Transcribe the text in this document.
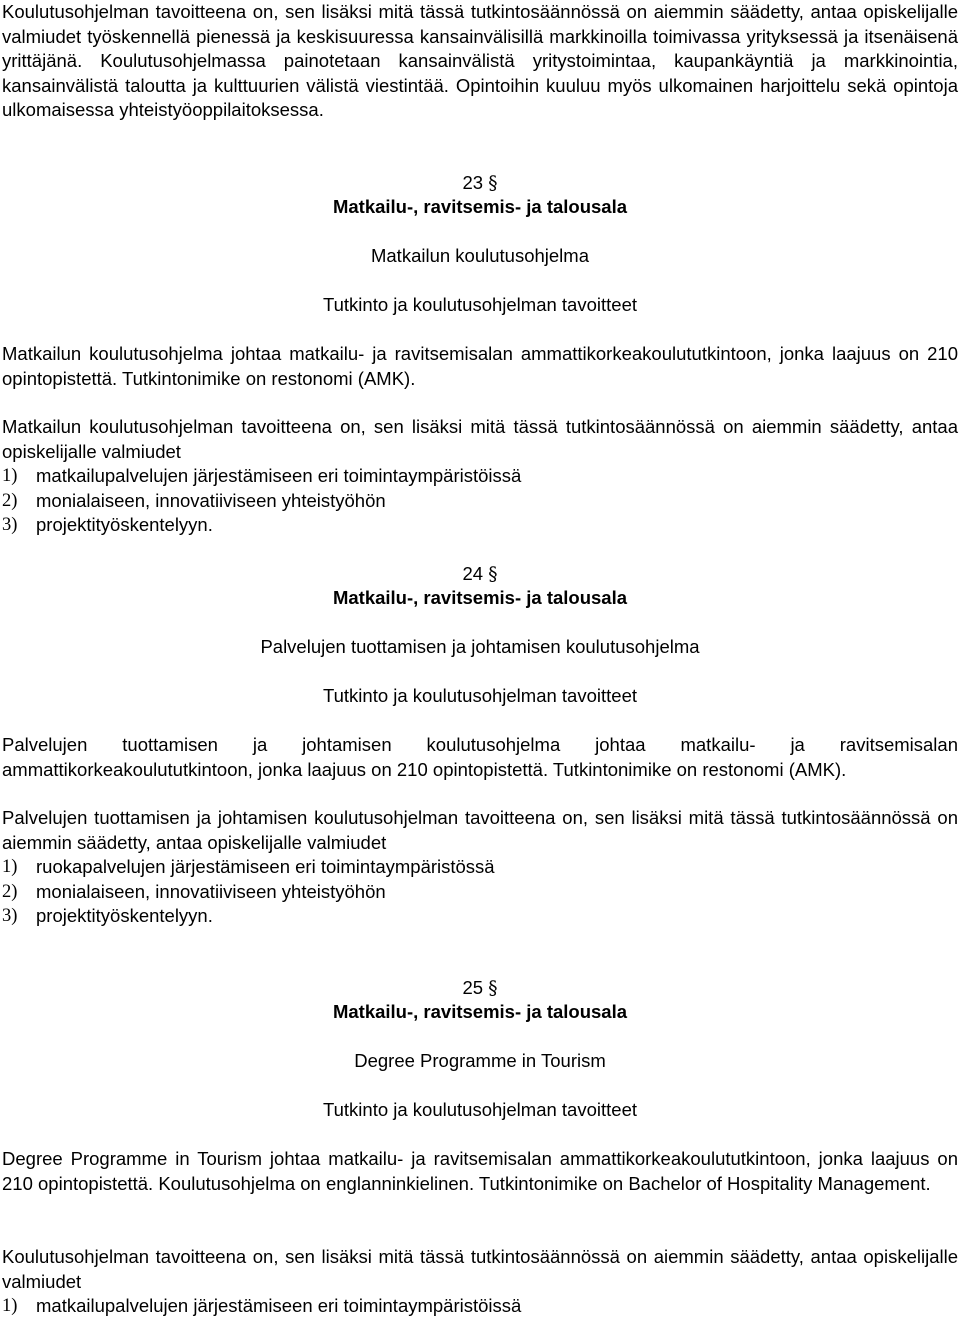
Koulutusohjelman tavoitteena on, sen lisäksi mitä tässä tutkintosäännössä on aiemmin säädetty, antaa opiskelijalle valmiudet työskennellä pienessä ja keskisuuressa kansainvälisillä markkinoilla toimivassa yrityksessä ja itsenäisenä yrittäjänä. Koulutusohjelmassa painotetaan kansainvälistä yritystoimintaa, kaupankäyntiä ja markkinointia, kansainvälistä taloutta ja kulttuurien välistä viestintää. Opintoihin kuuluu myös ulkomainen harjoittelu sekä opintoja ulkomaisessa yhteistyöoppilaitoksessa.

23 §

Matkailu-, ravitsemis- ja talousala

Matkailun koulutusohjelma

Tutkinto ja koulutusohjelman tavoitteet

Matkailun koulutusohjelma johtaa matkailu- ja ravitsemisalan ammattikorkeakoulututkintoon, jonka laajuus on 210 opintopistettä. Tutkintonimike on restonomi (AMK).

Matkailun koulutusohjelman tavoitteena on, sen lisäksi mitä tässä tutkintosäännössä on aiemmin säädetty, antaa opiskelijalle valmiudet

1)	matkailupalvelujen järjestämiseen eri toimintaympäristöissä
2)	monialaiseen, innovatiiviseen yhteistyöhön
3)	projektityöskentelyyn.

24 §

Matkailu-, ravitsemis- ja talousala

Palvelujen tuottamisen ja johtamisen koulutusohjelma

Tutkinto ja koulutusohjelman tavoitteet

Palvelujen tuottamisen ja johtamisen koulutusohjelma johtaa matkailu- ja ravitsemisalan ammattikorkeakoulututkintoon, jonka laajuus on 210 opintopistettä. Tutkintonimike on restonomi (AMK).

Palvelujen tuottamisen ja johtamisen koulutusohjelman tavoitteena on, sen lisäksi mitä tässä tutkintosäännössä on aiemmin säädetty, antaa opiskelijalle valmiudet

1)	ruokapalvelujen järjestämiseen eri toimintaympäristössä
2)	monialaiseen, innovatiiviseen yhteistyöhön
3)	projektityöskentelyyn.

25 §

Matkailu-, ravitsemis- ja talousala

Degree Programme in Tourism

Tutkinto ja koulutusohjelman tavoitteet

Degree Programme in Tourism johtaa matkailu- ja ravitsemisalan ammattikorkeakoulututkintoon, jonka laajuus on 210 opintopistettä. Koulutusohjelma on englanninkielinen. Tutkintonimike on Bachelor of Hospitality Management.

Koulutusohjelman tavoitteena on, sen lisäksi mitä tässä tutkintosäännössä on aiemmin säädetty, antaa opiskelijalle valmiudet

1)	matkailupalvelujen järjestämiseen eri toimintaympäristöissä
